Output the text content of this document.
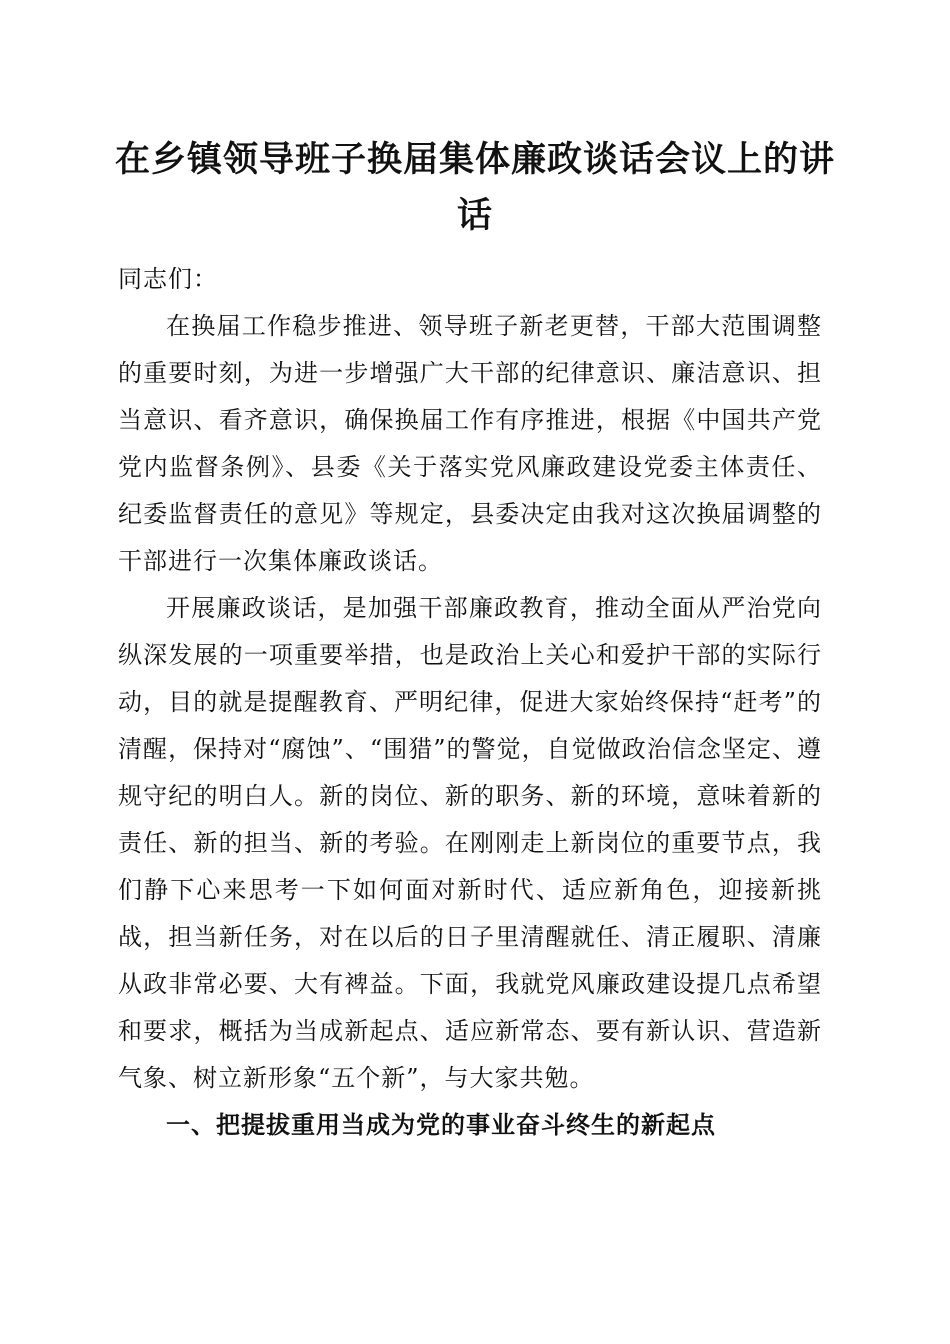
在乡镇领导班子换届集体廉政谈话会议上的讲话

同志们：

在换届工作稳步推进、领导班子新老更替，干部大范围调整的重要时刻，为进一步增强广大干部的纪律意识、廉洁意识、担当意识、看齐意识，确保换届工作有序推进，根据《中国共产党党内监督条例》、县委《关于落实党风廉政建设党委主体责任、纪委监督责任的意见》等规定，县委决定由我对这次换届调整的干部进行一次集体廉政谈话。

开展廉政谈话，是加强干部廉政教育，推动全面从严治党向纵深发展的一项重要举措，也是政治上关心和爱护干部的实际行动，目的就是提醒教育、严明纪律，促进大家始终保持“赶考”的清醒，保持对“腐蚀”、“围猎”的警觉，自觉做政治信念坚定、遵规守纪的明白人。新的岗位、新的职务、新的环境，意味着新的责任、新的担当、新的考验。在刚刚走上新岗位的重要节点，我们静下心来思考一下如何面对新时代、适应新角色，迎接新挑战，担当新任务，对在以后的日子里清醒就任、清正履职、清廉从政非常必要、大有裨益。下面，我就党风廉政建设提几点希望和要求，概括为当成新起点、适应新常态、要有新认识、营造新气象、树立新形象“五个新”，与大家共勉。

一、把提拔重用当成为党的事业奋斗终生的新起点
